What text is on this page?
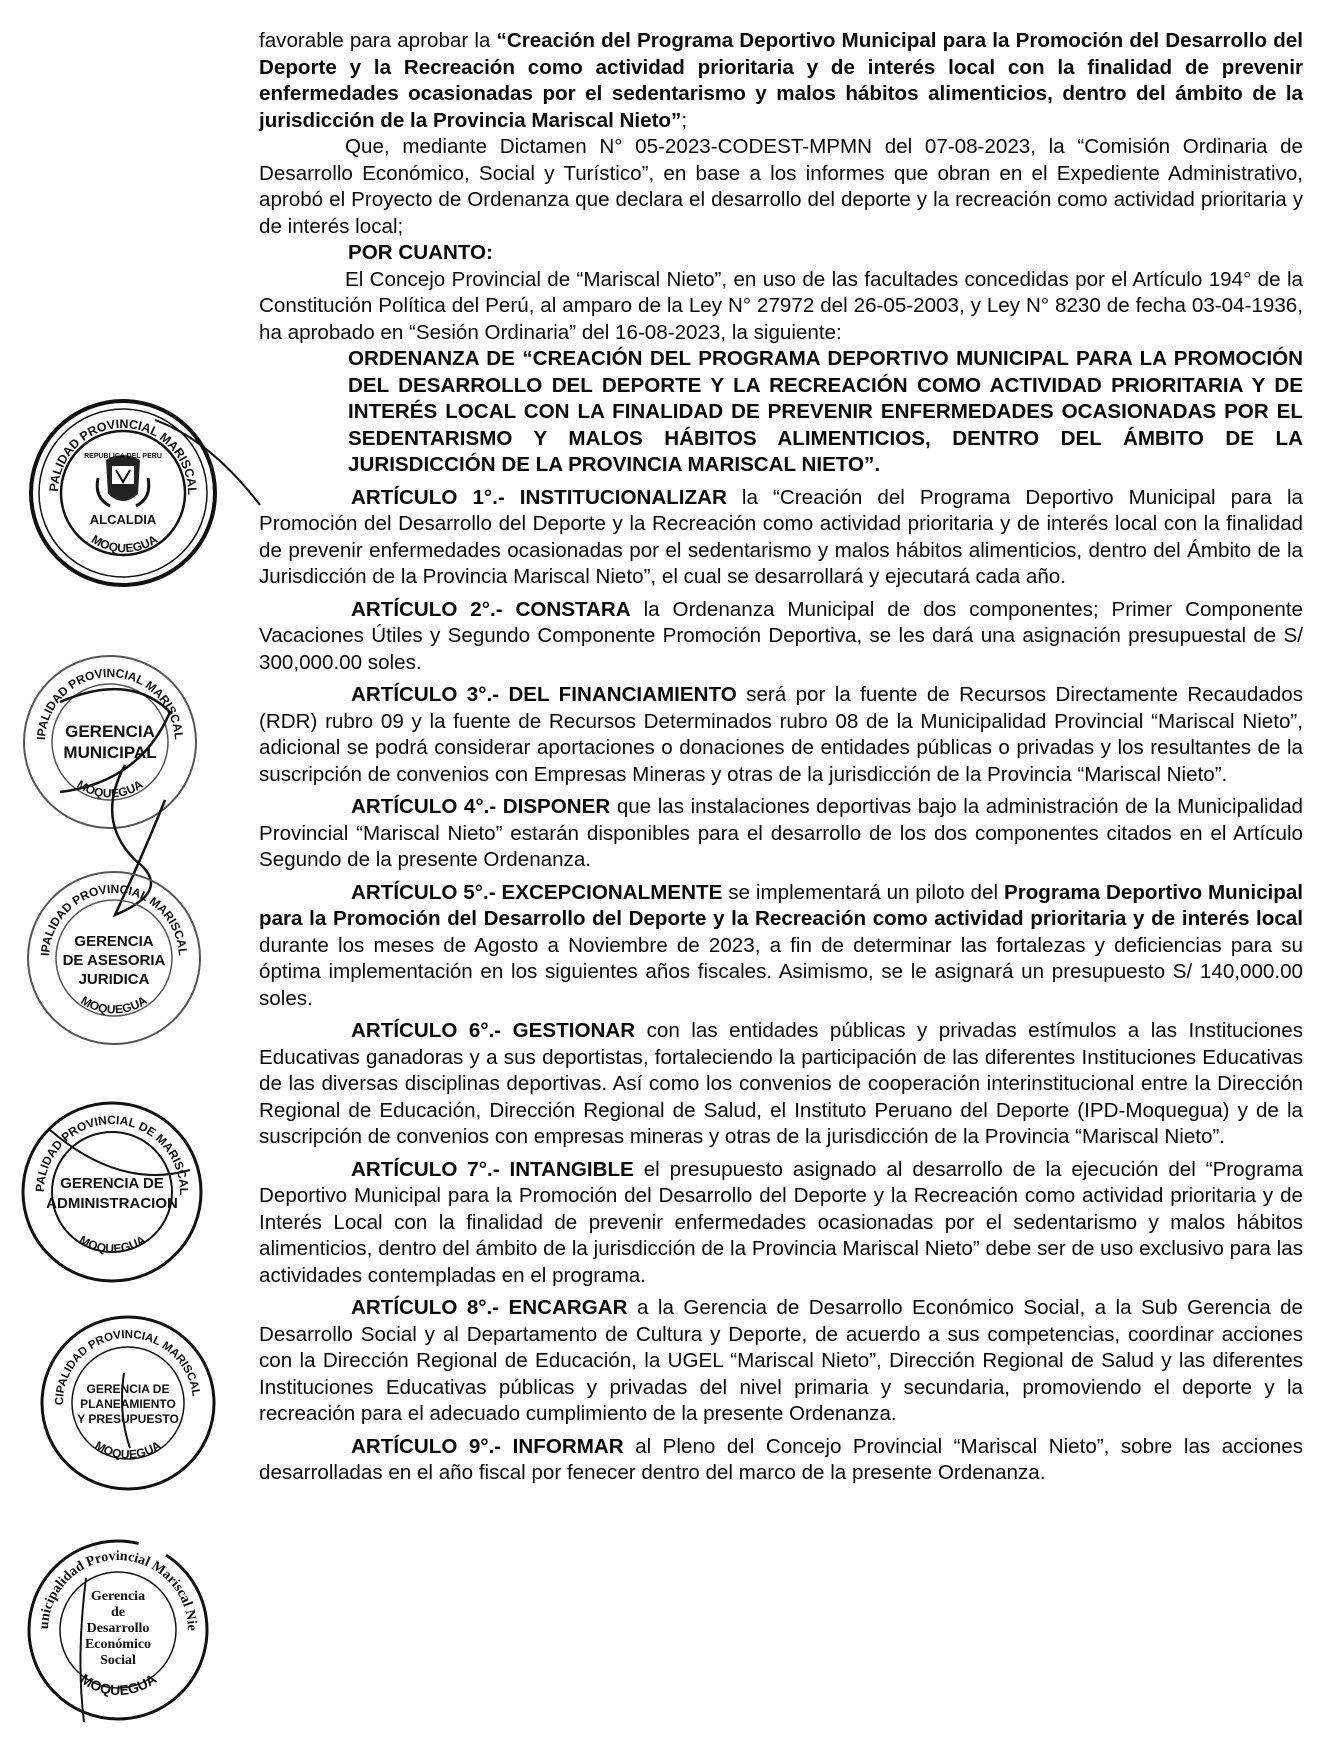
favorable para aprobar la “Creación del Programa Deportivo Municipal para la Promoción del Desarrollo del Deporte y la Recreación como actividad prioritaria y de interés local con la finalidad de prevenir enfermedades ocasionadas por el sedentarismo y malos hábitos alimenticios, dentro del ámbito de la jurisdicción de la Provincia Mariscal Nieto”;

Que, mediante Dictamen N° 05-2023-CODEST-MPMN del 07-08-2023, la “Comisión Ordinaria de Desarrollo Económico, Social y Turístico”, en base a los informes que obran en el Expediente Administrativo, aprobó el Proyecto de Ordenanza que declara el desarrollo del deporte y la recreación como actividad prioritaria y de interés local;

POR CUANTO:

El Concejo Provincial de “Mariscal Nieto”, en uso de las facultades concedidas por el Artículo 194° de la Constitución Política del Perú, al amparo de la Ley N° 27972 del 26-05-2003, y Ley N° 8230 de fecha 03-04-1936, ha aprobado en “Sesión Ordinaria” del 16-08-2023, la siguiente:

ORDENANZA DE “CREACIÓN DEL PROGRAMA DEPORTIVO MUNICIPAL PARA LA PROMOCIÓN DEL DESARROLLO DEL DEPORTE Y LA RECREACIÓN COMO ACTIVIDAD PRIORITARIA Y DE INTERÉS LOCAL CON LA FINALIDAD DE PREVENIR ENFERMEDADES OCASIONADAS POR EL SEDENTARISMO Y MALOS HÁBITOS ALIMENTICIOS, DENTRO DEL ÁMBITO DE LA JURISDICCIÓN DE LA PROVINCIA MARISCAL NIETO”.

ARTÍCULO 1°.- INSTITUCIONALIZAR la “Creación del Programa Deportivo Municipal para la Promoción del Desarrollo del Deporte y la Recreación como actividad prioritaria y de interés local con la finalidad de prevenir enfermedades ocasionadas por el sedentarismo y malos hábitos alimenticios, dentro del Ámbito de la Jurisdicción de la Provincia Mariscal Nieto”, el cual se desarrollará y ejecutará cada año.

ARTÍCULO 2°.- CONSTARA la Ordenanza Municipal de dos componentes; Primer Componente Vacaciones Útiles y Segundo Componente Promoción Deportiva, se les dará una asignación presupuestal de S/ 300,000.00 soles.

ARTÍCULO 3°.- DEL FINANCIAMIENTO será por la fuente de Recursos Directamente Recaudados (RDR) rubro 09 y la fuente de Recursos Determinados rubro 08 de la Municipalidad Provincial “Mariscal Nieto”, adicional se podrá considerar aportaciones o donaciones de entidades públicas o privadas y los resultantes de la suscripción de convenios con Empresas Mineras y otras de la jurisdicción de la Provincia “Mariscal Nieto”.

ARTÍCULO 4°.- DISPONER que las instalaciones deportivas bajo la administración de la Municipalidad Provincial “Mariscal Nieto” estarán disponibles para el desarrollo de los dos componentes citados en el Artículo Segundo de la presente Ordenanza.

ARTÍCULO 5°.- EXCEPCIONALMENTE se implementará un piloto del Programa Deportivo Municipal para la Promoción del Desarrollo del Deporte y la Recreación como actividad prioritaria y de interés local durante los meses de Agosto a Noviembre de 2023, a fin de determinar las fortalezas y deficiencias para su óptima implementación en los siguientes años fiscales. Asimismo, se le asignará un presupuesto S/ 140,000.00 soles.

ARTÍCULO 6°.- GESTIONAR con las entidades públicas y privadas estímulos a las Instituciones Educativas ganadoras y a sus deportistas, fortaleciendo la participación de las diferentes Instituciones Educativas de las diversas disciplinas deportivas. Así como los convenios de cooperación interinstitucional entre la Dirección Regional de Educación, Dirección Regional de Salud, el Instituto Peruano del Deporte (IPD-Moquegua) y de la suscripción de convenios con empresas mineras y otras de la jurisdicción de la Provincia “Mariscal Nieto”.

ARTÍCULO 7°.- INTANGIBLE el presupuesto asignado al desarrollo de la ejecución del “Programa Deportivo Municipal para la Promoción del Desarrollo del Deporte y la Recreación como actividad prioritaria y de Interés Local con la finalidad de prevenir enfermedades ocasionadas por el sedentarismo y malos hábitos alimenticios, dentro del ámbito de la jurisdicción de la Provincia Mariscal Nieto” debe ser de uso exclusivo para las actividades contempladas en el programa.

ARTÍCULO 8°.- ENCARGAR a la Gerencia de Desarrollo Económico Social, a la Sub Gerencia de Desarrollo Social y al Departamento de Cultura y Deporte, de acuerdo a sus competencias, coordinar acciones con la Dirección Regional de Educación, la UGEL “Mariscal Nieto”, Dirección Regional de Salud y las diferentes Instituciones Educativas públicas y privadas del nivel primaria y secundaria, promoviendo el deporte y la recreación para el adecuado cumplimiento de la presente Ordenanza.

ARTÍCULO 9°.- INFORMAR al Pleno del Concejo Provincial “Mariscal Nieto”, sobre las acciones desarrolladas en el año fiscal por fenecer dentro del marco de la presente Ordenanza.

MUNICIPALIDAD PROVINCIAL MARISCAL NIETO
MOQUEGUA
REPUBLICA DEL PERU
ALCALDIA
MUNICIPALIDAD PROVINCIAL MARISCAL NIETO
MOQUEGUA
GERENCIA
MUNICIPAL
MUNICIPALIDAD PROVINCIAL MARISCAL NIETO
MOQUEGUA
GERENCIA
DE ASESORIA
JURIDICA
MUNICIPALIDAD PROVINCIAL DE MARISCAL NIETO
MOQUEGUA
GERENCIA DE
ADMINISTRACION
MUNICIPALIDAD PROVINCIAL MARISCAL NIETO
MOQUEGUA
GERENCIA DE
PLANEAMIENTO
Y PRESUPUESTO
Municipalidad Provincial Mariscal Nieto
MOQUEGUA
Gerencia
de
Desarrollo
Económico
Social
